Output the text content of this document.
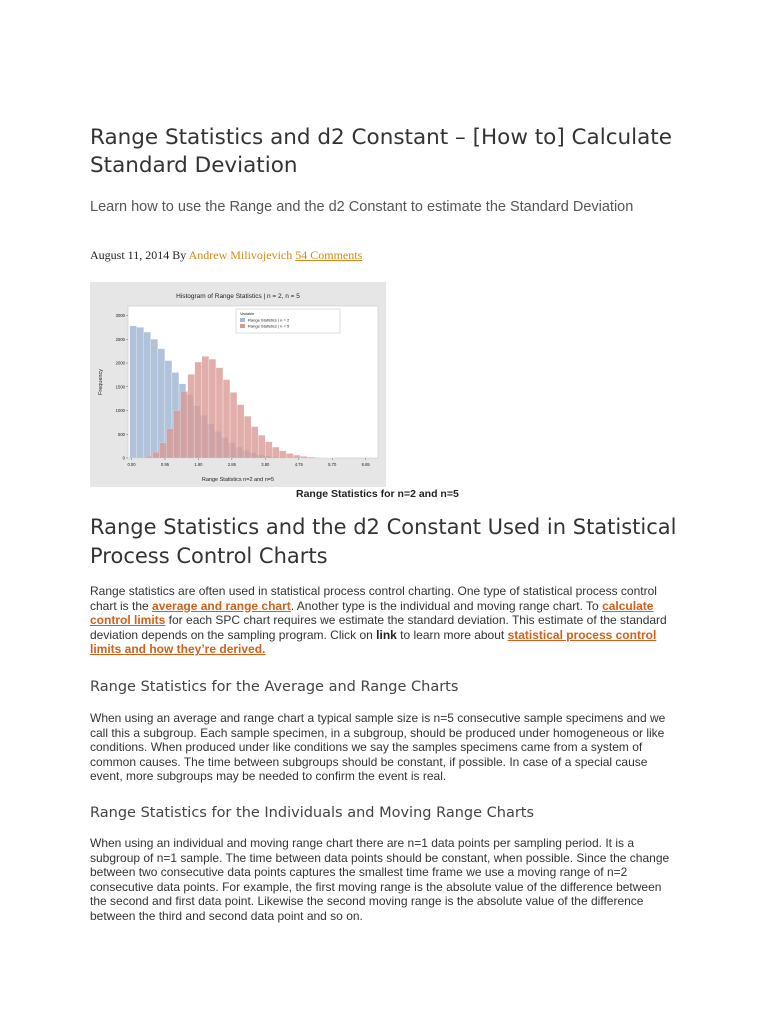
Range Statistics and d2 Constant – [How to] Calculate Standard Deviation

Learn how to use the Range and the d2 Constant to estimate the Standard Deviation

August 11, 2014 By Andrew Milivojevich 54 Comments

Histogram of Range Statistics | n = 2, n = 5
Range Statistics n=2 and n=5
Frequency
0
500
1000
1500
2000
2500
3000
0.00	0.95	1.90	2.85	3.80	4.75	5.70	6.65
Variable
Range Statistics | n = 2
Range Statistics | n = 5

Range Statistics for n=2 and n=5

Range Statistics and the d2 Constant Used in Statistical Process Control Charts

Range statistics are often used in statistical process control charting. One type of statistical process control chart is the average and range chart. Another type is the individual and moving range chart. To calculate control limits for each SPC chart requires we estimate the standard deviation. This estimate of the standard deviation depends on the sampling program. Click on link to learn more about statistical process control limits and how they’re derived.

Range Statistics for the Average and Range Charts

When using an average and range chart a typical sample size is n=5 consecutive sample specimens and we call this a subgroup. Each sample specimen, in a subgroup, should be produced under homogeneous or like conditions. When produced under like conditions we say the samples specimens came from a system of common causes. The time between subgroups should be constant, if possible. In case of a special cause event, more subgroups may be needed to confirm the event is real.

Range Statistics for the Individuals and Moving Range Charts

When using an individual and moving range chart there are n=1 data points per sampling period. It is a subgroup of n=1 sample. The time between data points should be constant, when possible. Since the change between two consecutive data points captures the smallest time frame we use a moving range of n=2 consecutive data points. For example, the first moving range is the absolute value of the difference between the second and first data point. Likewise the second moving range is the absolute value of the difference between the third and second data point and so on.
